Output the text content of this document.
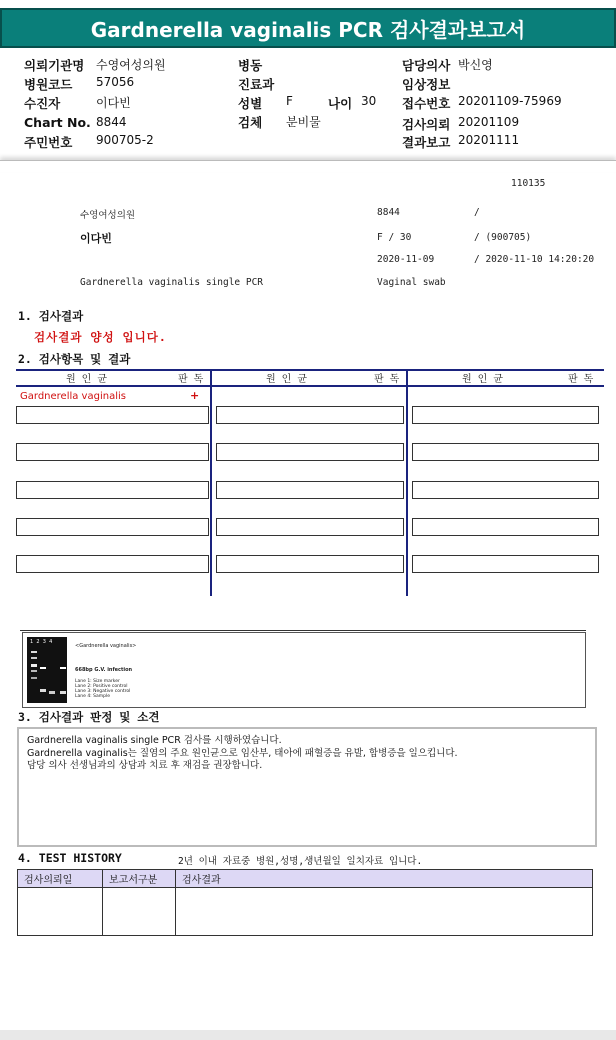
Gardnerella vaginalis PCR 검사결과보고서
의뢰기관명 수영여성의원
병원코드 57056
수진자	이다빈
Chart No. 8844
주민번호 900705-2
병동
진료과
성별 F	나이 30
검체 분비물
담당의사 박신영
임상정보
접수번호 20201109-75969
검사의뢰 20201109
결과보고 20201111
110135
수영여성의원	8844	/
이다빈	F / 30	/ (900705)
2020-11-09	/ 2020-11-10 14:20:20
Gardnerella vaginalis single PCR	Vaginal swab
1. 검사결과
검사결과 양성 입니다.
2. 검사항목 및 결과
원 인 균	판 독	원 인 균	판 독	원 인 균	판 독
Gardnerella vaginalis	+
1  2  3  4
<Gardnerella vaginalis>
668bp G.V. infection
Lane 1: Size marker
Lane 2: Positive control
Lane 3: Negative control
Lane 4: Sample
3. 검사결과 판정 및 소견
Gardnerella vaginalis single PCR 검사를 시행하였습니다.
Gardnerella vaginalis는 질염의 주요 원인균으로 임산부, 태아에 패혈증을 유발, 합병증을 일으킵니다.
담당 의사 선생님과의 상담과 치료 후 재검을 권장합니다.
4. TEST HISTORY	2년 이내 자료중 병원,성명,생년월일 일치자료 입니다.
검사의뢰일	보고서구분	검사결과
